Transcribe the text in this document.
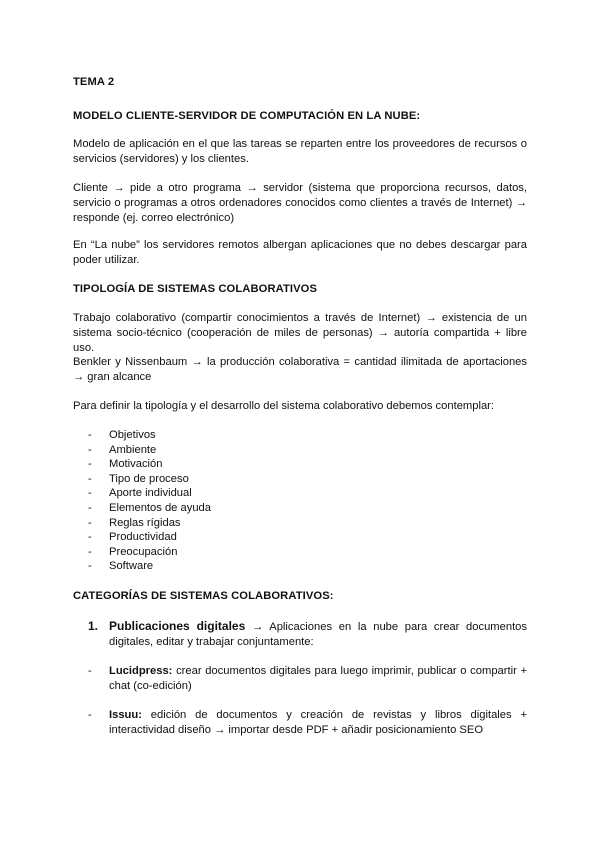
TEMA 2
MODELO CLIENTE-SERVIDOR DE COMPUTACIÓN EN LA NUBE:
Modelo de aplicación en el que las tareas se reparten entre los proveedores de recursos o servicios (servidores) y los clientes.
Cliente → pide a otro programa → servidor (sistema que proporciona recursos, datos, servicio o programas a otros ordenadores conocidos como clientes a través de Internet) → responde (ej. correo electrónico)
En “La nube” los servidores remotos albergan aplicaciones que no debes descargar para poder utilizar.
TIPOLOGÍA DE SISTEMAS COLABORATIVOS
Trabajo colaborativo (compartir conocimientos a través de Internet) → existencia de un sistema socio-técnico (cooperación de miles de personas) → autoría compartida + libre uso.
Benkler y Nissenbaum → la producción colaborativa = cantidad ilimitada de aportaciones → gran alcance
Para definir la tipología y el desarrollo del sistema colaborativo debemos contemplar:
- Objetivos
- Ambiente
- Motivación
- Tipo de proceso
- Aporte individual
- Elementos de ayuda
- Reglas rígidas
- Productividad
- Preocupación
- Software
CATEGORÍAS DE SISTEMAS COLABORATIVOS:
1. Publicaciones digitales → Aplicaciones en la nube para crear documentos digitales, editar y trabajar conjuntamente:
- Lucidpress: crear documentos digitales para luego imprimir, publicar o compartir + chat (co-edición)
- Issuu: edición de documentos y creación de revistas y libros digitales + interactividad diseño → importar desde PDF + añadir posicionamiento SEO
